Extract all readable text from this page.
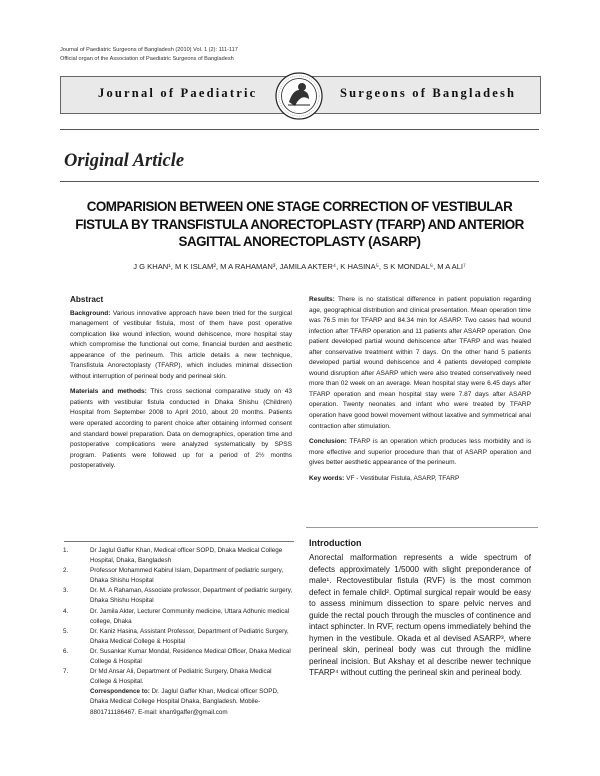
Journal of Paediatric Surgeons of Bangladesh (2010) Vol. 1 (2): 111-117
Official organ of the Association of Paediatric Surgeons of Bangladesh
Journal of Paediatric	Surgeons of Bangladesh
Original Article
COMPARISION BETWEEN ONE STAGE CORRECTION OF VESTIBULAR FISTULA BY TRANSFISTULA ANORECTOPLASTY (TFARP) AND ANTERIOR SAGITTAL ANORECTOPLASTY (ASARP)
J G KHAN¹, M K ISLAM², M A RAHAMAN³, JAMILA AKTER⁴, K HASINA⁵, S K MONDAL⁶, M A ALI⁷
Abstract

Background: Various innovative approach have been tried for the surgical management of vestibular fistula, most of them have post operative complication like wound infection, wound dehiscence, more hospital stay which compromise the functional out come, financial burden and aesthetic appearance of the perineum. This article details a new technique, Transfistula Anorectoplasty (TFARP), which includes minimal dissection without interruption of perineal body and perineal skin.

Materials and methods: This cross sectional comparative study on 43 patients with vestibular fistula conducted in Dhaka Shishu (Children) Hospital from September 2008 to April 2010, about 20 months. Patients were operated according to parent choice after obtaining informed consent and standard bowel preparation. Data on demographics, operation time and postoperative complications were analyzed systematically by SPSS program. Patients were followed up for a period of 2½ months postoperatively.

Results: There is no statistical difference in patient population regarding age, geographical distribution and clinical presentation. Mean operation time was 76.5 min for TFARP and 84.34 min for ASARP. Two cases had wound infection after TFARP operation and 11 patients after ASARP operation. One patient developed partial wound dehiscence after TFARP and was healed after conservative treatment within 7 days. On the other hand 5 patients developed partial wound dehiscence and 4 patients developed complete wound disruption after ASARP which were also treated conservatively need more than 02 week on an average. Mean hospital stay were 6.45 days after TFARP operation and mean hospital stay were 7.87 days after ASARP operation. Twenty neonates and infant who were treated by TFARP operation have good bowel movement without laxative and symmetrical anal contraction after stimulation.

Conclusion: TFARP is an operation which produces less morbidity and is more effective and superior procedure than that of ASARP operation and gives better aesthetic appearance of the perineum.

Key words: VF - Vestibular Fistula, ASARP, TFARP

1.	Dr Jaglul Gaffer Khan, Medical officer SOPD, Dhaka Medical College Hospital, Dhaka, Bangladesh
2.	Professor Mohammed Kabirul Islam, Department of pediatric surgery, Dhaka Shishu Hospital
3.	Dr. M. A Rahaman, Associate professor, Department of pediatric surgery, Dhaka Shishu Hospital
4.	Dr. Jamila Akter, Lecturer Community medicine, Uttara Adhunic medical college, Dhaka
5.	Dr. Kaniz Hasina, Assistant Professor, Department of Pediatric Surgery, Dhaka Medical College & Hospital
6.	Dr. Susankar Kumar Mondal, Residence Medical Officer, Dhaka Medical College & Hospital
7.	Dr Md Ansar Ali, Department of Pediatric Surgery, Dhaka Medical College & Hospital.
Correspondence to: Dr. Jaglul Gaffer Khan, Medical officer SOPD, Dhaka Medical College Hospital Dhaka, Bangladesh. Mobile- 8801711186467. E-mail: khan9gaffer@gmail.com
Introduction
Anorectal malformation represents a wide spectrum of defects approximately 1/5000 with slight preponderance of male¹. Rectovestibular fistula (RVF) is the most common defect in female child². Optimal surgical repair would be easy to assess minimum dissection to spare pelvic nerves and guide the rectal pouch through the muscles of continence and intact sphincter. In RVF, rectum opens immediately behind the hymen in the vestibule. Okada et al devised ASARP³, where perineal skin, perineal body was cut through the midline perineal incision. But Akshay et al describe newer technique TFARP⁴ without cutting the perineal skin and perineal body.
